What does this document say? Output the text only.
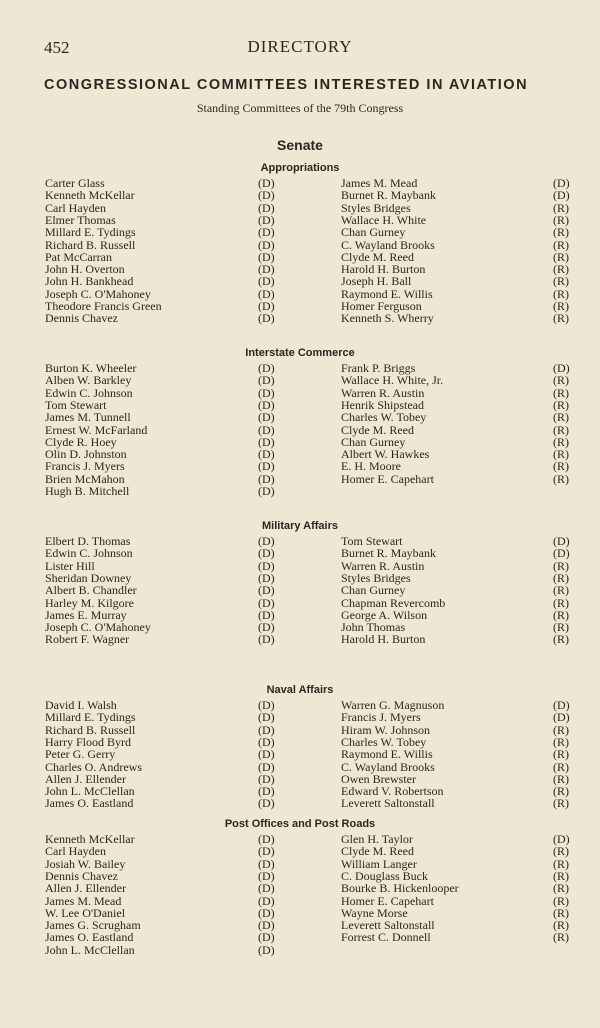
452	DIRECTORY
CONGRESSIONAL COMMITTEES INTERESTED IN AVIATION
Standing Committees of the 79th Congress
Senate
Appropriations
Carter Glass	(D)	James M. Mead	(D)
Kenneth McKellar	(D)	Burnet R. Maybank	(D)
Carl Hayden	(D)	Styles Bridges	(R)
Elmer Thomas	(D)	Wallace H. White	(R)
Millard E. Tydings	(D)	Chan Gurney	(R)
Richard B. Russell	(D)	C. Wayland Brooks	(R)
Pat McCarran	(D)	Clyde M. Reed	(R)
John H. Overton	(D)	Harold H. Burton	(R)
John H. Bankhead	(D)	Joseph H. Ball	(R)
Joseph C. O'Mahoney	(D)	Raymond E. Willis	(R)
Theodore Francis Green	(D)	Homer Ferguson	(R)
Dennis Chavez	(D)	Kenneth S. Wherry	(R)
Interstate Commerce
Burton K. Wheeler	(D)	Frank P. Briggs	(D)
Alben W. Barkley	(D)	Wallace H. White, Jr.	(R)
Edwin C. Johnson	(D)	Warren R. Austin	(R)
Tom Stewart	(D)	Henrik Shipstead	(R)
James M. Tunnell	(D)	Charles W. Tobey	(R)
Ernest W. McFarland	(D)	Clyde M. Reed	(R)
Clyde R. Hoey	(D)	Chan Gurney	(R)
Olin D. Johnston	(D)	Albert W. Hawkes	(R)
Francis J. Myers	(D)	E. H. Moore	(R)
Brien McMahon	(D)	Homer E. Capehart	(R)
Hugh B. Mitchell	(D)
Military Affairs
Elbert D. Thomas	(D)	Tom Stewart	(D)
Edwin C. Johnson	(D)	Burnet R. Maybank	(D)
Lister Hill	(D)	Warren R. Austin	(R)
Sheridan Downey	(D)	Styles Bridges	(R)
Albert B. Chandler	(D)	Chan Gurney	(R)
Harley M. Kilgore	(D)	Chapman Revercomb	(R)
James E. Murray	(D)	George A. Wilson	(R)
Joseph C. O'Mahoney	(D)	John Thomas	(R)
Robert F. Wagner	(D)	Harold H. Burton	(R)
Naval Affairs
David I. Walsh	(D)	Warren G. Magnuson	(D)
Millard E. Tydings	(D)	Francis J. Myers	(D)
Richard B. Russell	(D)	Hiram W. Johnson	(R)
Harry Flood Byrd	(D)	Charles W. Tobey	(R)
Peter G. Gerry	(D)	Raymond E. Willis	(R)
Charles O. Andrews	(D)	C. Wayland Brooks	(R)
Allen J. Ellender	(D)	Owen Brewster	(R)
John L. McClellan	(D)	Edward V. Robertson	(R)
James O. Eastland	(D)	Leverett Saltonstall	(R)
Post Offices and Post Roads
Kenneth McKellar	(D)	Glen H. Taylor	(D)
Carl Hayden	(D)	Clyde M. Reed	(R)
Josiah W. Bailey	(D)	William Langer	(R)
Dennis Chavez	(D)	C. Douglass Buck	(R)
Allen J. Ellender	(D)	Bourke B. Hickenlooper	(R)
James M. Mead	(D)	Homer E. Capehart	(R)
W. Lee O'Daniel	(D)	Wayne Morse	(R)
James G. Scrugham	(D)	Leverett Saltonstall	(R)
James O. Eastland	(D)	Forrest C. Donnell	(R)
John L. McClellan	(D)
